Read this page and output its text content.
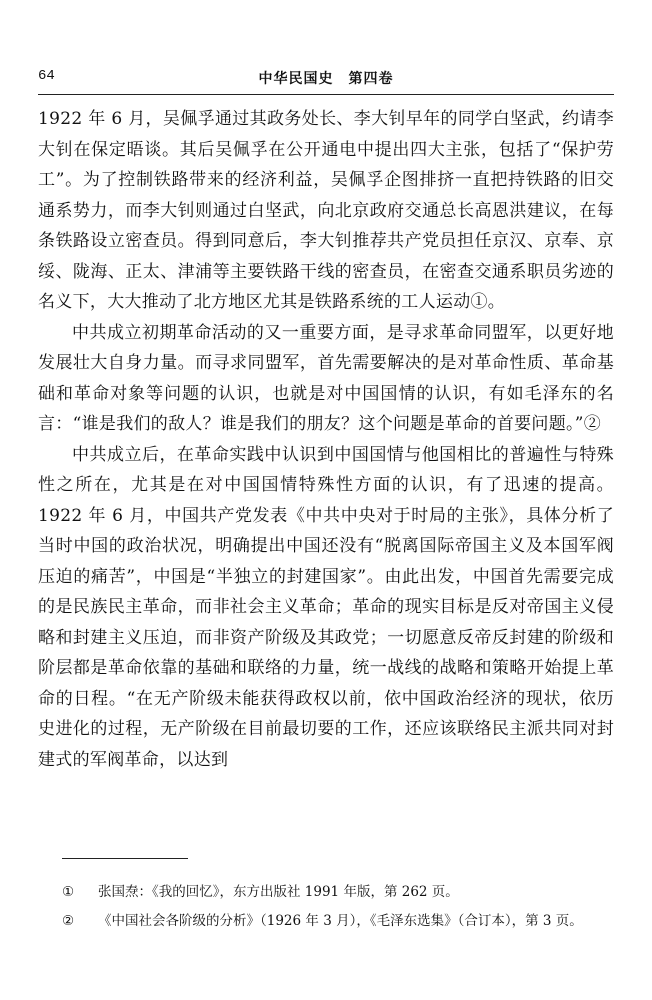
64	中华民国史　第四卷

1922 年 6 月，吴佩孚通过其政务处长、李大钊早年的同学白坚武，约请李大钊在保定晤谈。其后吴佩孚在公开通电中提出四大主张，包括了“保护劳工”。为了控制铁路带来的经济利益，吴佩孚企图排挤一直把持铁路的旧交通系势力，而李大钊则通过白坚武，向北京政府交通总长高恩洪建议，在每条铁路设立密查员。得到同意后，李大钊推荐共产党员担任京汉、京奉、京绥、陇海、正太、津浦等主要铁路干线的密查员，在密查交通系职员劣迹的名义下，大大推动了北方地区尤其是铁路系统的工人运动①。

中共成立初期革命活动的又一重要方面，是寻求革命同盟军，以更好地发展壮大自身力量。而寻求同盟军，首先需要解决的是对革命性质、革命基础和革命对象等问题的认识，也就是对中国国情的认识，有如毛泽东的名言：“谁是我们的敌人？谁是我们的朋友？这个问题是革命的首要问题。”②

中共成立后，在革命实践中认识到中国国情与他国相比的普遍性与特殊性之所在，尤其是在对中国国情特殊性方面的认识，有了迅速的提高。1922 年 6 月，中国共产党发表《中共中央对于时局的主张》，具体分析了当时中国的政治状况，明确提出中国还没有“脱离国际帝国主义及本国军阀压迫的痛苦”，中国是“半独立的封建国家”。由此出发，中国首先需要完成的是民族民主革命，而非社会主义革命；革命的现实目标是反对帝国主义侵略和封建主义压迫，而非资产阶级及其政党；一切愿意反帝反封建的阶级和阶层都是革命依靠的基础和联络的力量，统一战线的战略和策略开始提上革命的日程。“在无产阶级未能获得政权以前，依中国政治经济的现状，依历史进化的过程，无产阶级在目前最切要的工作，还应该联络民主派共同对封建式的军阀革命，以达到

①	张国焘：《我的回忆》，东方出版社 1991 年版，第 262 页。
②	《中国社会各阶级的分析》（1926 年 3 月），《毛泽东选集》（合订本），第 3 页。
